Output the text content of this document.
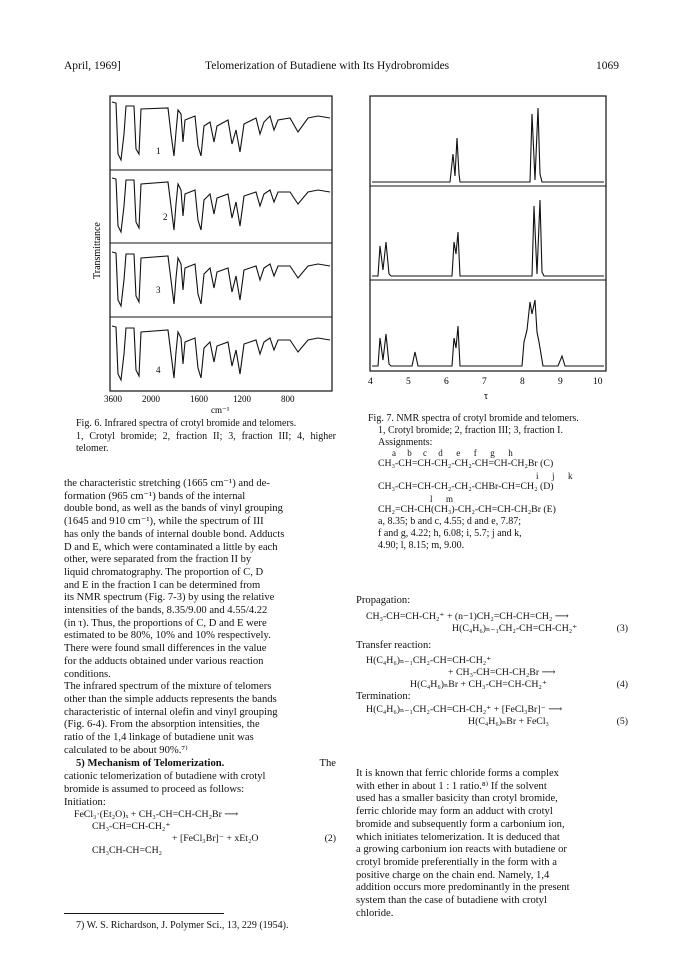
April, 1969]	Telomerization of Butadiene with Its Hydrobromides	1069
2
1
3
4
Transmittance
3600 2000	1600	1200	800
cm⁻¹
Fig. 6. Infrared spectra of crotyl bromide and telomers.
1, Crotyl bromide; 2, fraction II; 3, fraction III; 4, higher telomer.
4	5	6	7	8	9	10
τ
Fig. 7. NMR spectra of crotyl bromide and telomers.
1, Crotyl bromide; 2, fraction III; 3, fraction I.
Assignments:
a     b     c     d      e      f      g      h
CH₃-CH=CH-CH₂-CH₂-CH=CH-CH₂Br (C)
i      j      k
CH₃-CH=CH-CH₂-CH₂-CHBr-CH=CH₂ (D)
l      m
CH₂=CH-CH(CH₃)-CH₂-CH=CH-CH₂Br (E)
a, 8.35; b and c, 4.55; d and e, 7.87;
f and g, 4.22; h, 6.08; i, 5.7; j and k,
4.90; l, 8.15; m, 9.00.
the characteristic stretching (1665 cm⁻¹) and de-
formation (965 cm⁻¹) bands of the internal
double bond, as well as the bands of vinyl grouping
(1645 and 910 cm⁻¹), while the spectrum of III
has only the bands of internal double bond. Adducts
D and E, which were contaminated a little by each
other, were separated from the fraction II by
liquid chromatography. The proportion of C, D
and E in the fraction I can be determined from
its NMR spectrum (Fig. 7-3) by using the relative
intensities of the bands, 8.35/9.00 and 4.55/4.22
(in τ). Thus, the proportions of C, D and E were
estimated to be 80%, 10% and 10% respectively.
There were found small differences in the value
for the adducts obtained under various reaction
conditions.
The infrared spectrum of the mixture of telomers
other than the simple adducts represents the bands
characteristic of internal olefin and vinyl grouping
(Fig. 6-4). From the absorption intensities, the
ratio of the 1,4 linkage of butadiene unit was
calculated to be about 90%.⁷⁾
5) Mechanism of Telomerization.	The
cationic telomerization of butadiene with crotyl
bromide is assumed to proceed as follows:
Initiation:
FeCl₃·(Et₂O)ₓ + CH₃-CH=CH-CH₂Br ⟶
CH₃-CH=CH-CH₂⁺
+ [FeCl₃Br]⁻ + xEt₂O	(2)
CH₃CH-CH=CH₂
7) W. S. Richardson, J. Polymer Sci., 13, 229 (1954).
Propagation:
CH₃-CH=CH-CH₂⁺ + (n−1)CH₂=CH-CH=CH₂ ⟶
H(C₄H₆)ₙ₋₁CH₂-CH=CH-CH₂⁺	(3)
Transfer reaction:
H(C₄H₆)ₙ₋₁CH₂-CH=CH-CH₂⁺
+ CH₃-CH=CH-CH₂Br ⟶
H(C₄H₆)ₙBr + CH₃-CH=CH-CH₂⁺	(4)
Termination:
H(C₄H₆)ₙ₋₁CH₂-CH=CH-CH₂⁺ + [FeCl₃Br]⁻ ⟶
H(C₄H₆)ₙBr + FeCl₃	(5)
It is known that ferric chloride forms a complex
with ether in about 1 : 1 ratio.⁸⁾ If the solvent
used has a smaller basicity than crotyl bromide,
ferric chloride may form an adduct with crotyl
bromide and subsequently form a carbonium ion,
which initiates telomerization. It is deduced that
a growing carbonium ion reacts with butadiene or
crotyl bromide preferentially in the form with a
positive charge on the chain end. Namely, 1,4
addition occurs more predominantly in the present
system than the case of butadiene with crotyl
chloride.
